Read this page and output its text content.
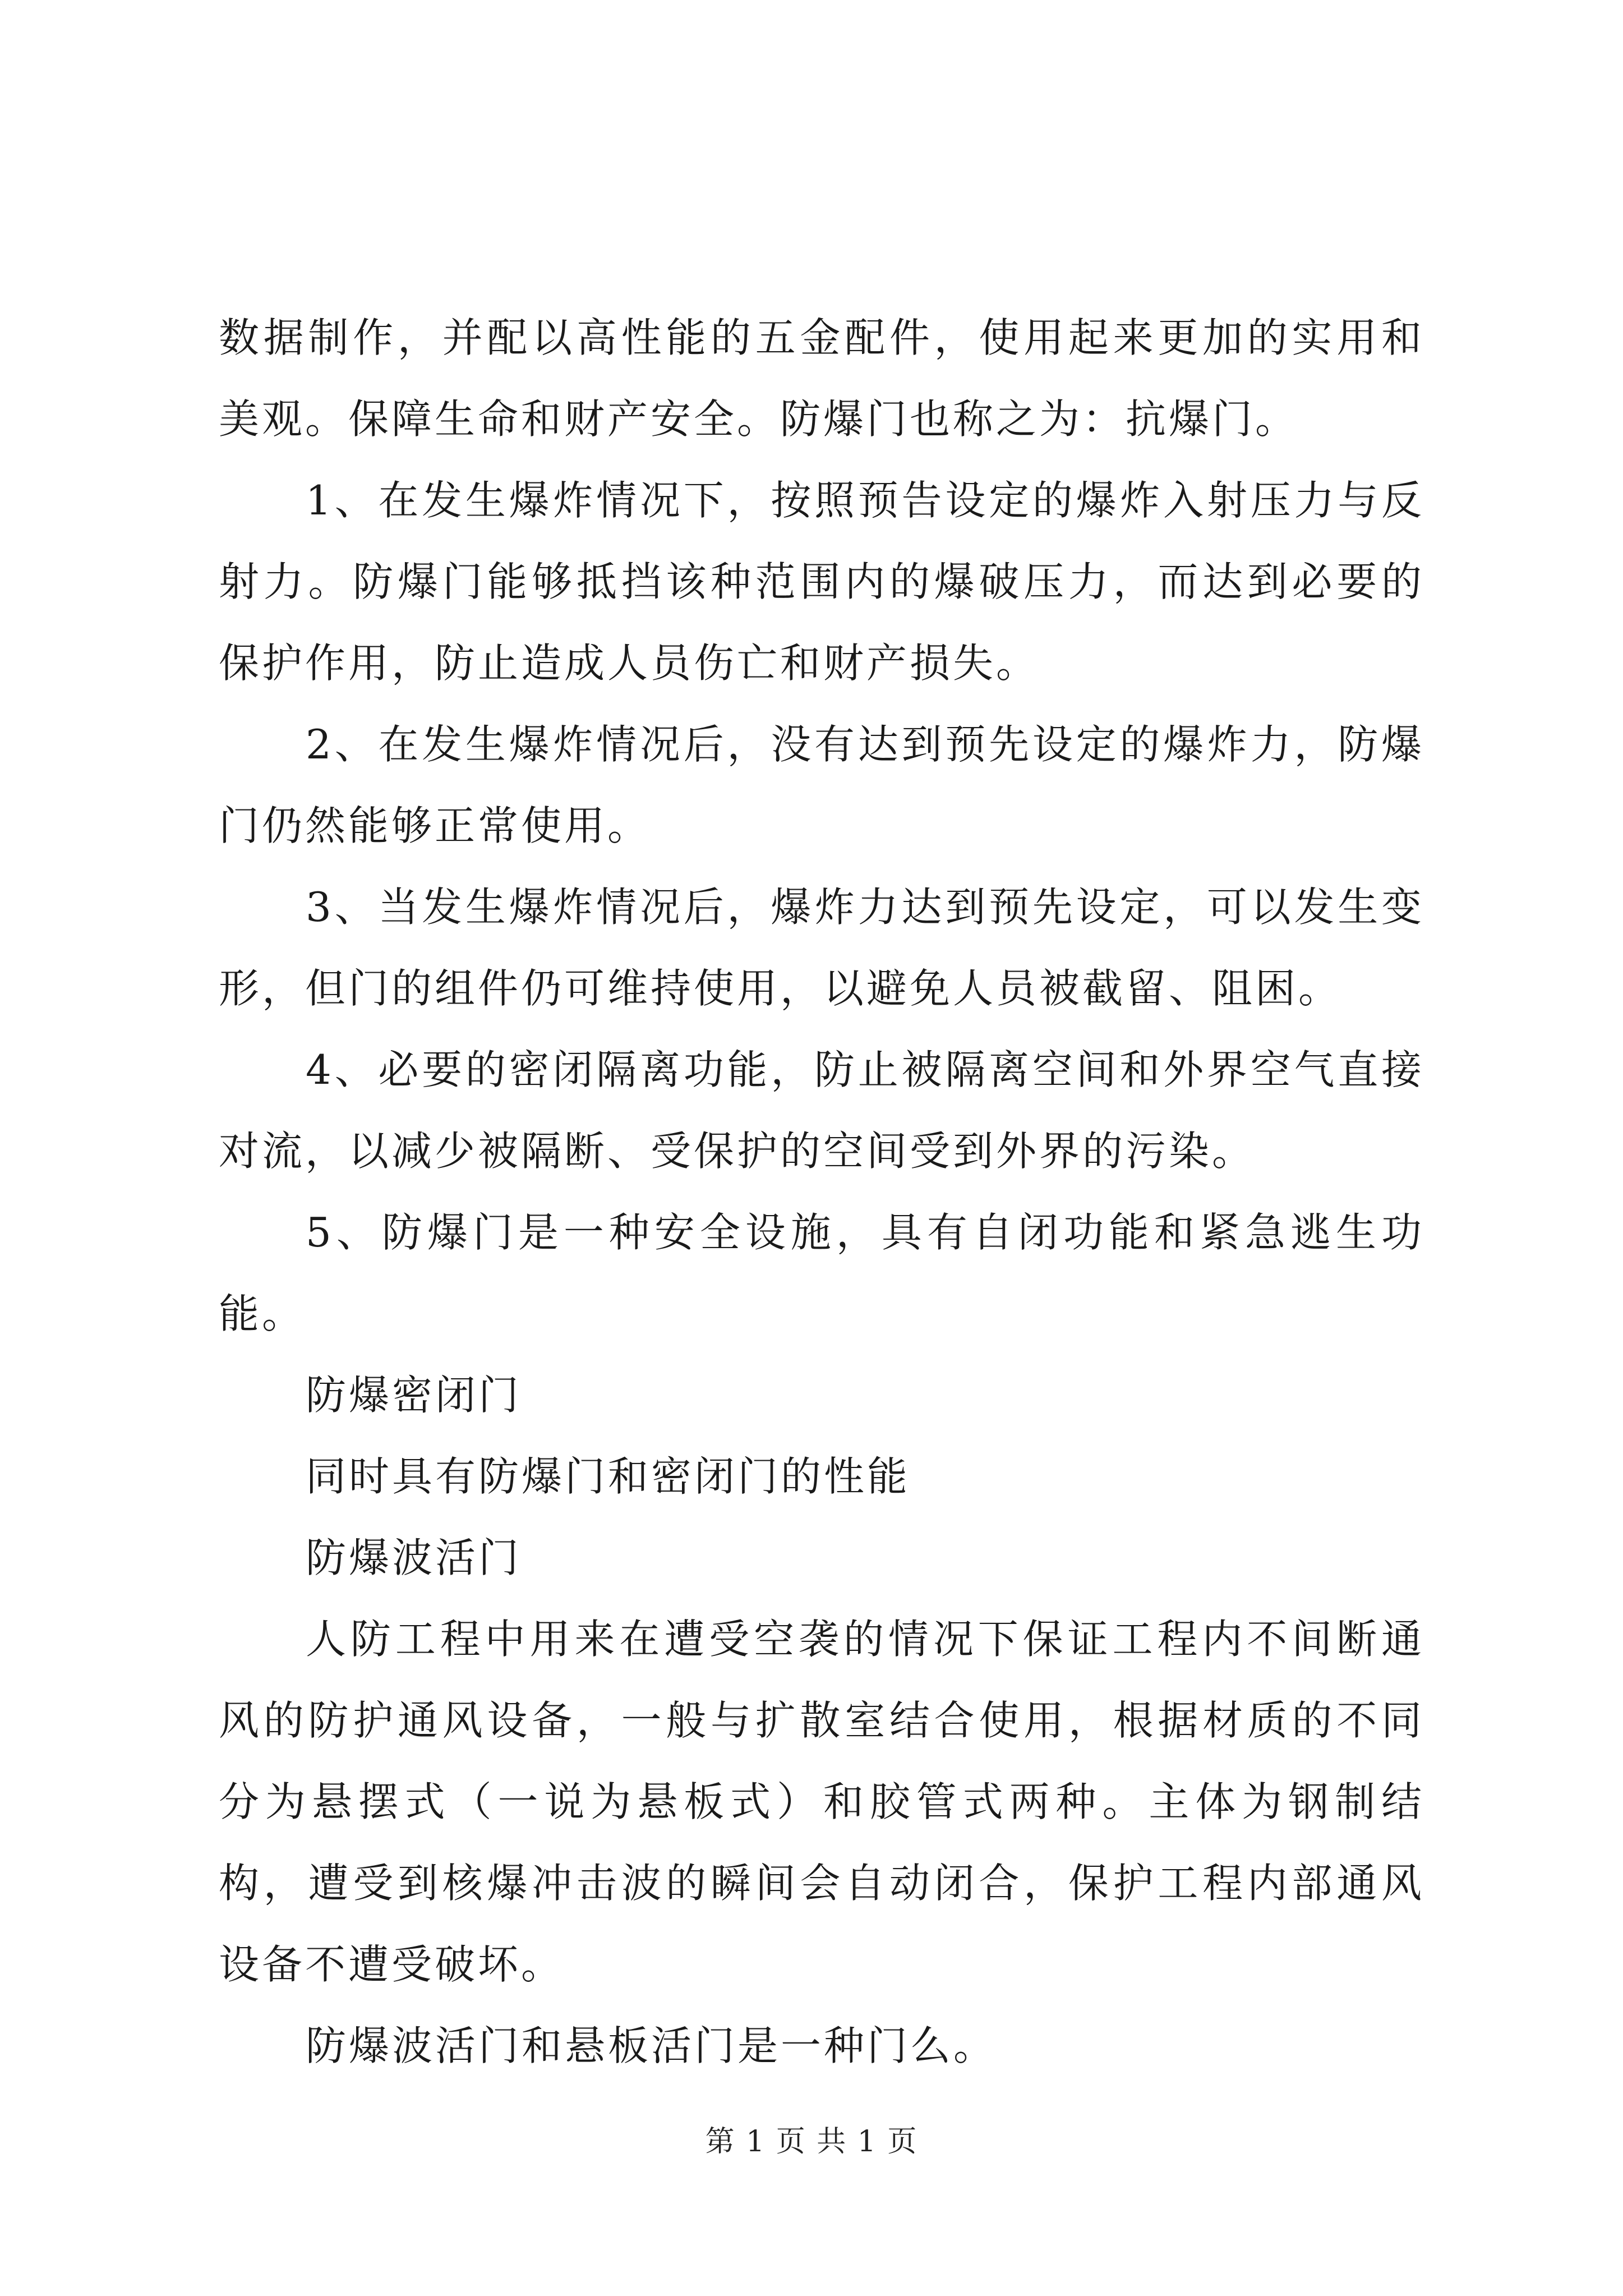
数据制作，并配以高性能的五金配件，使用起来更加的实用和美观。保障生命和财产安全。防爆门也称之为：抗爆门。

1、在发生爆炸情况下，按照预告设定的爆炸入射压力与反射力。防爆门能够抵挡该种范围内的爆破压力，而达到必要的保护作用，防止造成人员伤亡和财产损失。

2、在发生爆炸情况后，没有达到预先设定的爆炸力，防爆门仍然能够正常使用。

3、当发生爆炸情况后，爆炸力达到预先设定，可以发生变形，但门的组件仍可维持使用，以避免人员被截留、阻困。

4、必要的密闭隔离功能，防止被隔离空间和外界空气直接对流，以减少被隔断、受保护的空间受到外界的污染。

5、防爆门是一种安全设施，具有自闭功能和紧急逃生功能。

防爆密闭门

同时具有防爆门和密闭门的性能

防爆波活门

人防工程中用来在遭受空袭的情况下保证工程内不间断通风的防护通风设备，一般与扩散室结合使用，根据材质的不同分为悬摆式（一说为悬板式）和胶管式两种。主体为钢制结构，遭受到核爆冲击波的瞬间会自动闭合，保护工程内部通风设备不遭受破坏。

防爆波活门和悬板活门是一种门么。

第 1 页 共 1 页
